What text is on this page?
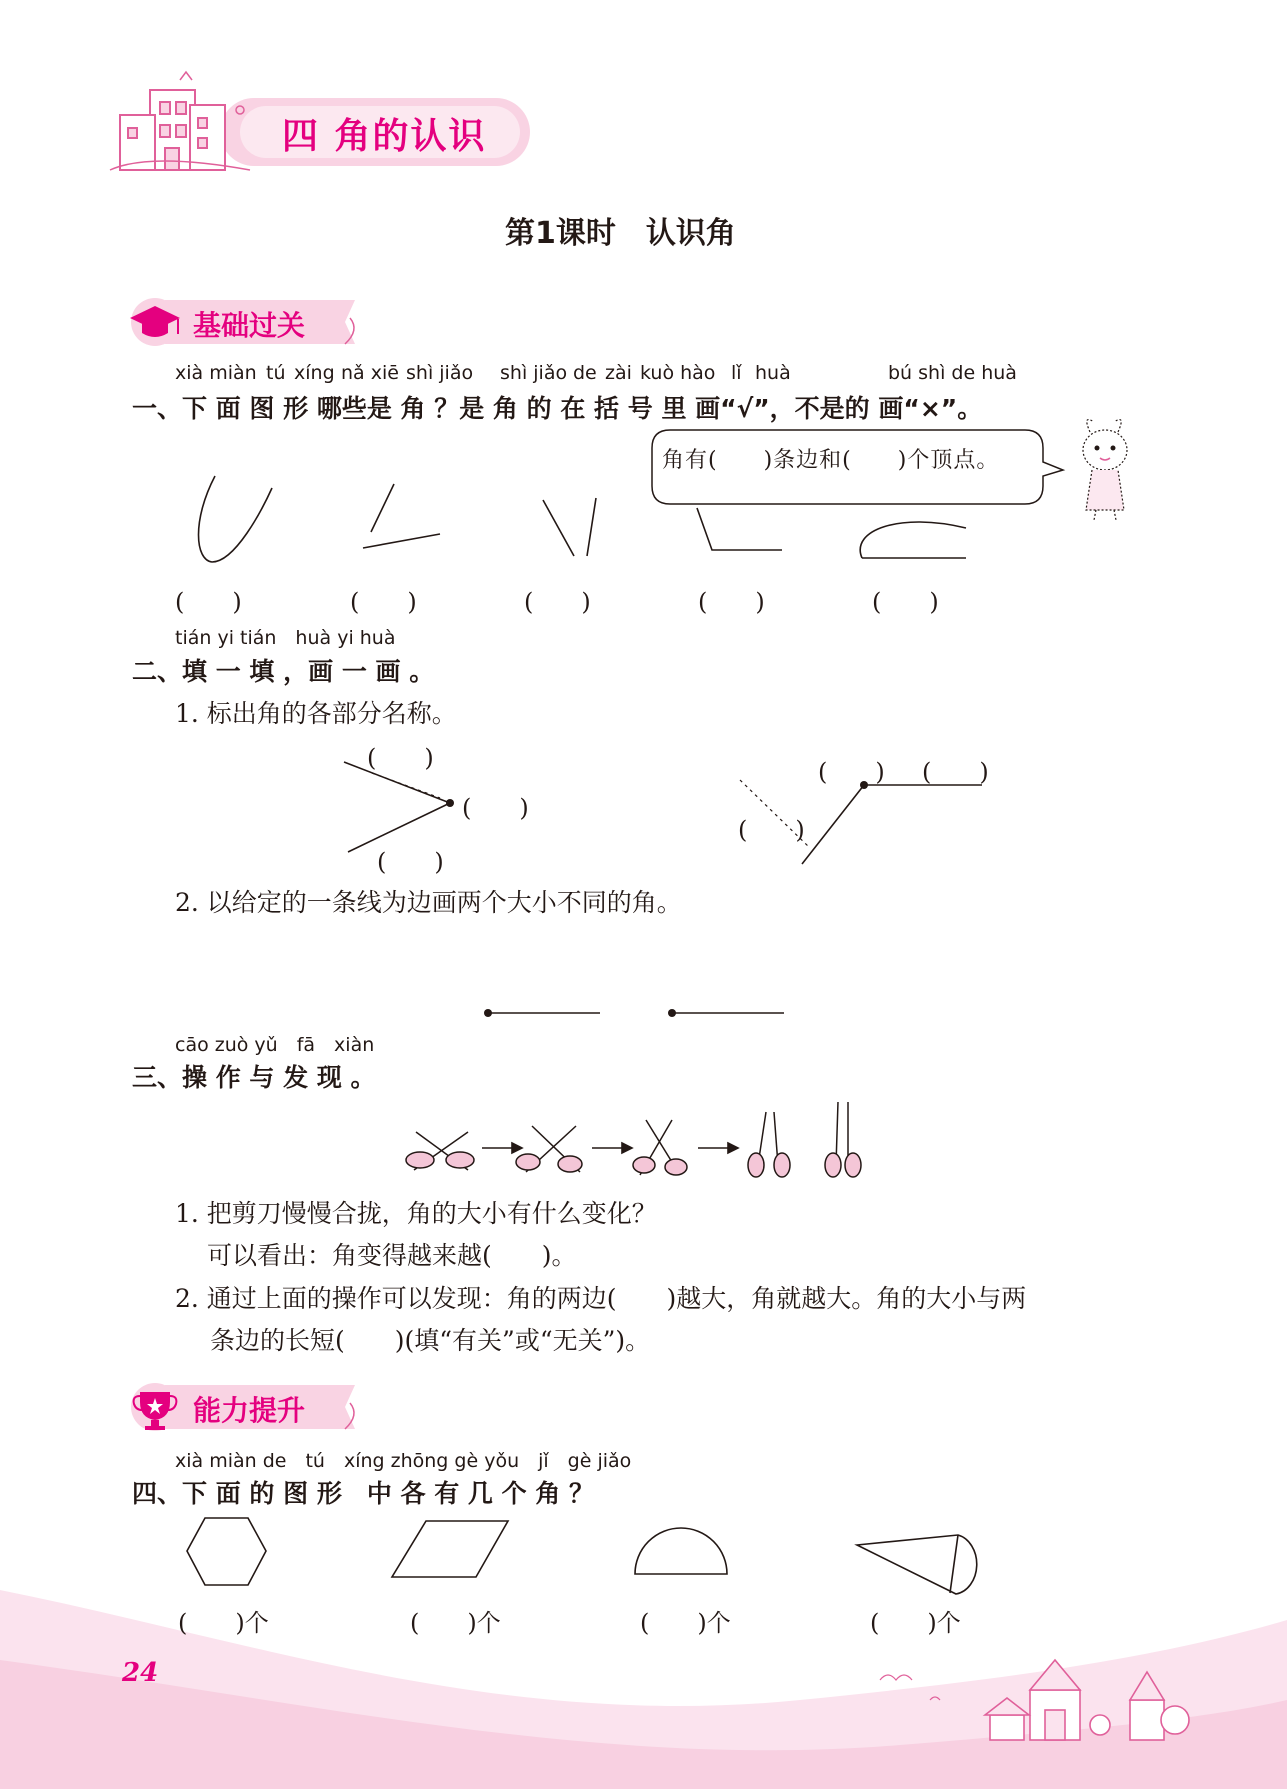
四 角的认识
第1课时　认识角
基础过关
xià miàn tú xíng nǎ xiē shì jiǎo shì jiǎo de zài kuò hào lǐ huà	bú shì de huà
一、下 面 图 形 哪些是 角 ？是 角 的 在 括 号 里 画“√”，不是的 画“×”。
角有(　　)条边和(　　)个顶点。
(　　)	(　　)	(　　)	(　　)	(　　)
tián yi tián　huà yi huà
二、填 一 填 ，画 一 画 。
1. 标出角的各部分名称。
(　　)
(　　)
(　　)
(　　) (　　)
(　　)
2. 以给定的一条线为边画两个大小不同的角。
cāo zuò yǔ　fā　xiàn
三、操 作 与 发 现 。
1. 把剪刀慢慢合拢，角的大小有什么变化？
可以看出：角变得越来越(　　)。
2. 通过上面的操作可以发现：角的两边(　　)越大，角就越大。角的大小与两
条边的长短(　　)(填“有关”或“无关”)。
能力提升
xià miàn de　tú　xíng zhōng gè yǒu　jǐ　gè jiǎo
四、下 面 的 图 形　中 各 有 几 个 角 ？
(　　)个	(　　)个	(　　)个	(　　)个
24
